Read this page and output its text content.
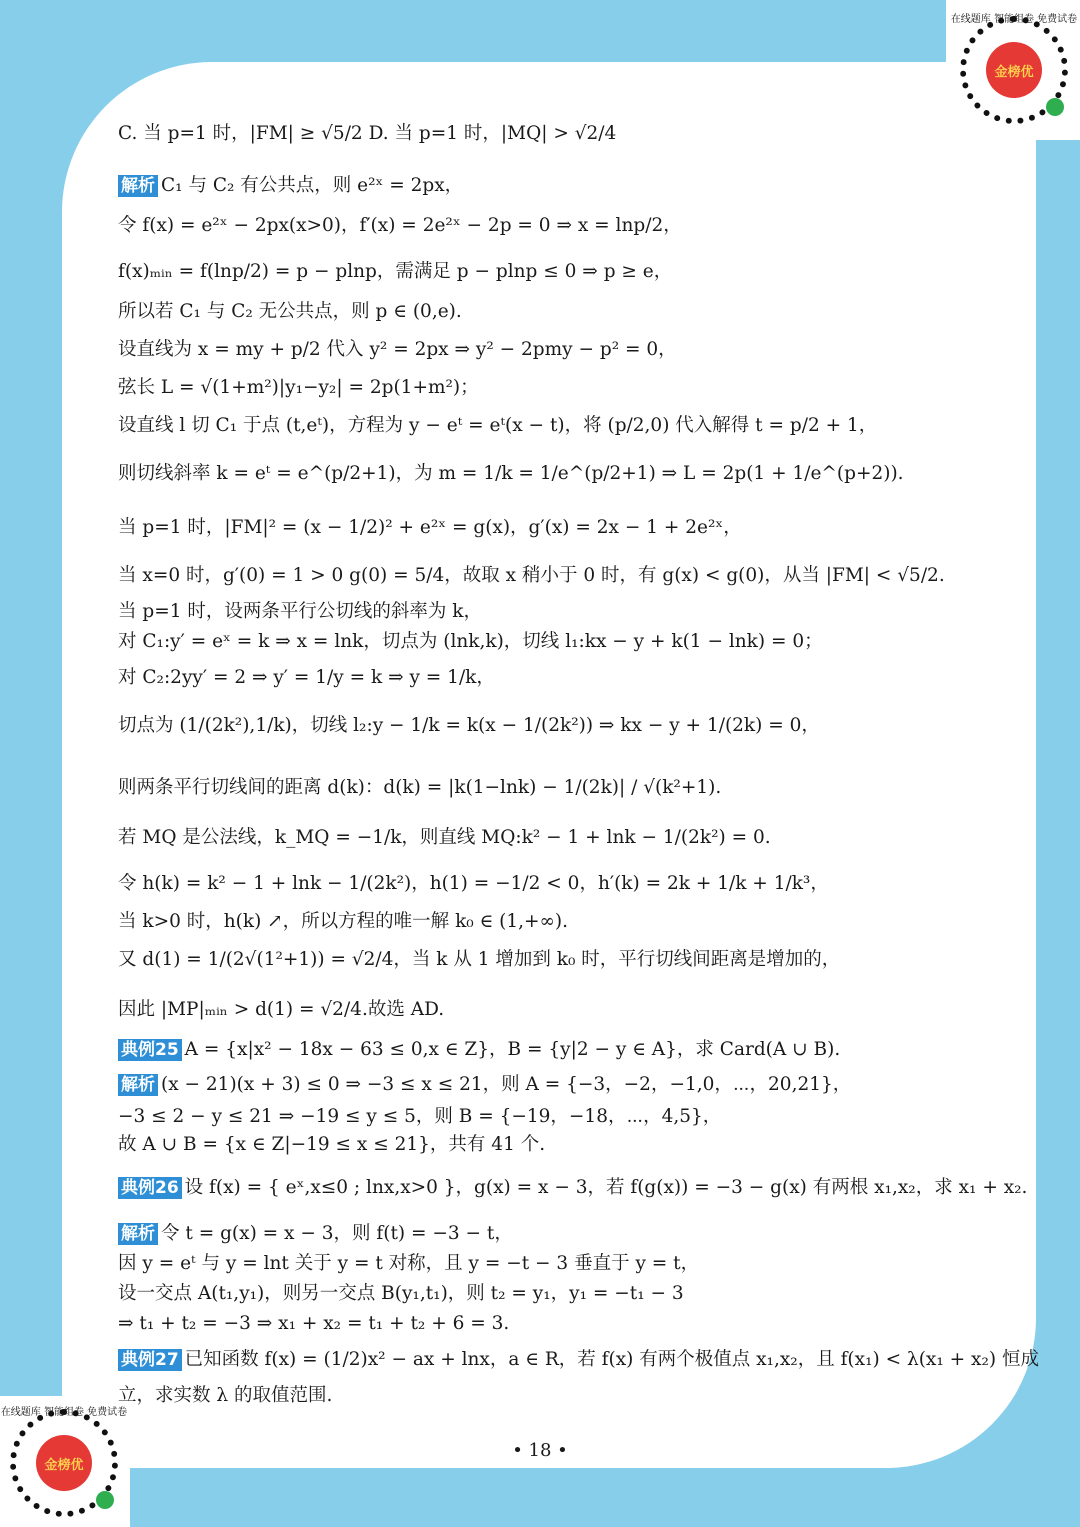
C. 当 p=1 时，|FM| ≥ √5/2 D. 当 p=1 时，|MQ| > √2/4
解析 C₁ 与 C₂ 有公共点，则 e²ˣ = 2px，
令 f(x) = e²ˣ − 2px(x>0)，f′(x) = 2e²ˣ − 2p = 0 ⇒ x = lnp/2，
f(x)ₘᵢₙ = f(lnp/2) = p − plnp，需满足 p − plnp ≤ 0 ⇒ p ≥ e，
所以若 C₁ 与 C₂ 无公共点，则 p ∈ (0,e).
设直线为 x = my + p/2 代入 y² = 2px ⇒ y² − 2pmy − p² = 0，
弦长 L = √(1+m²)|y₁−y₂| = 2p(1+m²)；
设直线 l 切 C₁ 于点 (t,eᵗ)，方程为 y − eᵗ = eᵗ(x − t)，将 (p/2,0) 代入解得 t = p/2 + 1，
则切线斜率 k = eᵗ = e^(p/2+1)，为 m = 1/k = 1/e^(p/2+1) ⇒ L = 2p(1 + 1/e^(p+2)).
当 p=1 时，|FM|² = (x − 1/2)² + e²ˣ = g(x)，g′(x) = 2x − 1 + 2e²ˣ，
当 x=0 时，g′(0) = 1 > 0 g(0) = 5/4，故取 x 稍小于 0 时，有 g(x) < g(0)，从当 |FM| < √5/2.
当 p=1 时，设两条平行公切线的斜率为 k，
对 C₁:y′ = eˣ = k ⇒ x = lnk，切点为 (lnk,k)，切线 l₁:kx − y + k(1 − lnk) = 0；
对 C₂:2yy′ = 2 ⇒ y′ = 1/y = k ⇒ y = 1/k，
切点为 (1/(2k²),1/k)，切线 l₂:y − 1/k = k(x − 1/(2k²)) ⇒ kx − y + 1/(2k) = 0，
则两条平行切线间的距离 d(k)：d(k) = |k(1−lnk) − 1/(2k)| / √(k²+1).
若 MQ 是公法线，k_MQ = −1/k，则直线 MQ:k² − 1 + lnk − 1/(2k²) = 0.
令 h(k) = k² − 1 + lnk − 1/(2k²)，h(1) = −1/2 < 0，h′(k) = 2k + 1/k + 1/k³，
当 k>0 时，h(k) ↗，所以方程的唯一解 k₀ ∈ (1,+∞).
又 d(1) = 1/(2√(1²+1)) = √2/4，当 k 从 1 增加到 k₀ 时，平行切线间距离是增加的，
因此 |MP|ₘᵢₙ > d(1) = √2/4.故选 AD.
典例25 A = {x|x² − 18x − 63 ≤ 0,x ∈ Z}，B = {y|2 − y ∈ A}，求 Card(A ∪ B).
解析 (x − 21)(x + 3) ≤ 0 ⇒ −3 ≤ x ≤ 21，则 A = {−3，−2，−1,0，⋯，20,21}，
−3 ≤ 2 − y ≤ 21 ⇒ −19 ≤ y ≤ 5，则 B = {−19，−18，⋯，4,5}，
故 A ∪ B = {x ∈ Z|−19 ≤ x ≤ 21}，共有 41 个.
典例26 设 f(x) = { eˣ,x≤0 ; lnx,x>0 }，g(x) = x − 3，若 f(g(x)) = −3 − g(x) 有两根 x₁,x₂，求 x₁ + x₂.
解析 令 t = g(x) = x − 3，则 f(t) = −3 − t，
因 y = eᵗ 与 y = lnt 关于 y = t 对称，且 y = −t − 3 垂直于 y = t，
设一交点 A(t₁,y₁)，则另一交点 B(y₁,t₁)，则 t₂ = y₁，y₁ = −t₁ − 3
⇒ t₁ + t₂ = −3 ⇒ x₁ + x₂ = t₁ + t₂ + 6 = 3.
典例27 已知函数 f(x) = (1/2)x² − ax + lnx，a ∈ R，若 f(x) 有两个极值点 x₁,x₂，且 f(x₁) < λ(x₁ + x₂) 恒成
立，求实数 λ 的取值范围.
• 18 •
在线题库 智能组卷 免费试卷
金榜优
在线题库 智能组卷 免费试卷
金榜优
